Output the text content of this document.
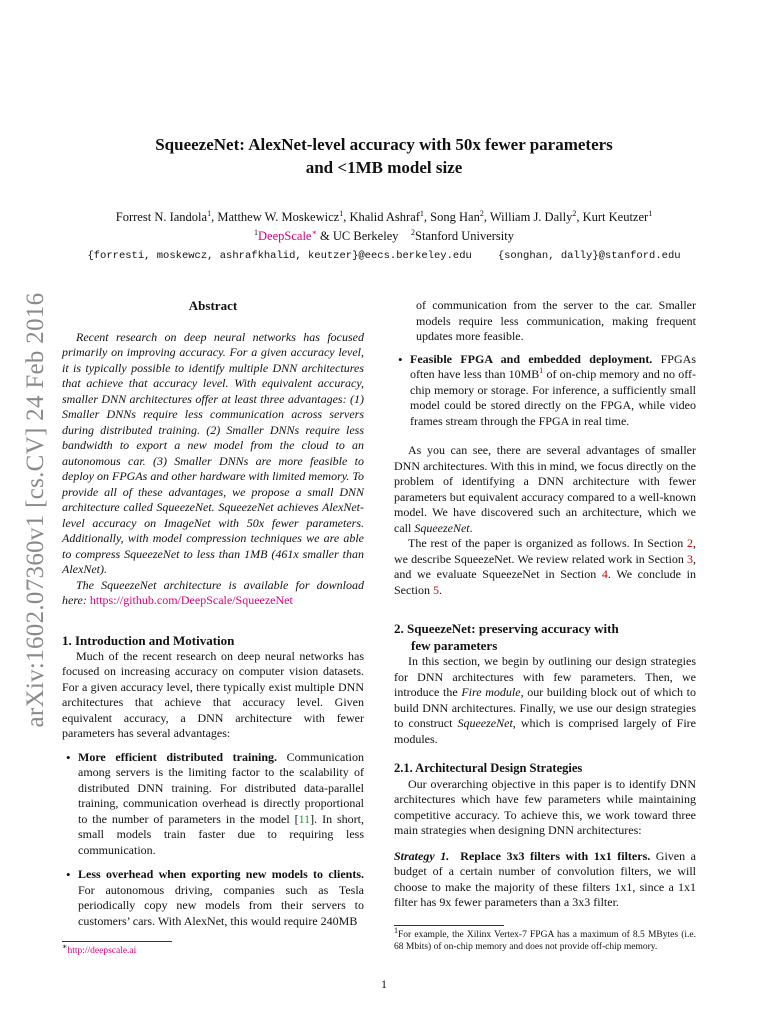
arXiv:1602.07360v1 [cs.CV] 24 Feb 2016
SqueezeNet: AlexNet-level accuracy with 50x fewer parameters
and <1MB model size
Forrest N. Iandola$^1$, Matthew W. Moskewicz$^1$, Khalid Ashraf$^1$, Song Han$^2$, William J. Dally$^2$, Kurt Keutzer$^1$
$^1$DeepScale∗ & UC Berkeley $^2$Stanford University
{forresti, moskewcz, ashrafkhalid, keutzer}@eecs.berkeley.edu {songhan, dally}@stanford.edu
Abstract

Recent research on deep neural networks has focused primarily on improving accuracy. For a given accuracy level, it is typically possible to identify multiple DNN architectures that achieve that accuracy level. With equivalent accuracy, smaller DNN architectures offer at least three advantages: (1) Smaller DNNs require less communication across servers during distributed training. (2) Smaller DNNs require less bandwidth to export a new model from the cloud to an autonomous car. (3) Smaller DNNs are more feasible to deploy on FPGAs and other hardware with limited memory. To provide all of these advantages, we propose a small DNN architecture called SqueezeNet. SqueezeNet achieves AlexNet-level accuracy on ImageNet with 50x fewer parameters. Additionally, with model compression techniques we are able to compress SqueezeNet to less than 1MB (461x smaller than AlexNet).

The SqueezeNet architecture is available for download here: https://github.com/DeepScale/SqueezeNet

1. Introduction and Motivation

Much of the recent research on deep neural networks has focused on increasing accuracy on computer vision datasets. For a given accuracy level, there typically exist multiple DNN architectures that achieve that accuracy level. Given equivalent accuracy, a DNN architecture with fewer parameters has several advantages:

• More efficient distributed training. Communication among servers is the limiting factor to the scalability of distributed DNN training. For distributed data-parallel training, communication overhead is directly proportional to the number of parameters in the model [11]. In short, small models train faster due to requiring less communication.
• Less overhead when exporting new models to clients. For autonomous driving, companies such as Tesla periodically copy new models from their servers to customers’ cars. With AlexNet, this would require 240MB
∗http://deepscale.ai
of communication from the server to the car. Smaller models require less communication, making frequent updates more feasible.
• Feasible FPGA and embedded deployment. FPGAs often have less than $10MB^1$ of on-chip memory and no off-chip memory or storage. For inference, a sufficiently small model could be stored directly on the FPGA, while video frames stream through the FPGA in real time.

As you can see, there are several advantages of smaller DNN architectures. With this in mind, we focus directly on the problem of identifying a DNN architecture with fewer parameters but equivalent accuracy compared to a well-known model. We have discovered such an architecture, which we call SqueezeNet.

The rest of the paper is organized as follows. In Section 2, we describe SqueezeNet. We review related work in Section 3, and we evaluate SqueezeNet in Section 4. We conclude in Section 5.

2. SqueezeNet: preserving accuracy with
few parameters

In this section, we begin by outlining our design strategies for DNN architectures with few parameters. Then, we introduce the Fire module, our building block out of which to build DNN architectures. Finally, we use our design strategies to construct SqueezeNet, which is comprised largely of Fire modules.

2.1. Architectural Design Strategies

Our overarching objective in this paper is to identify DNN architectures which have few parameters while maintaining competitive accuracy. To achieve this, we work toward three main strategies when designing DNN architectures:

Strategy 1. Replace 3x3 filters with 1x1 filters. Given a budget of a certain number of convolution filters, we will choose to make the majority of these filters 1x1, since a 1x1 filter has 9x fewer parameters than a 3x3 filter.

$^1$For example, the Xilinx Vertex-7 FPGA has a maximum of 8.5 MBytes (i.e. 68 Mbits) of on-chip memory and does not provide off-chip memory.
1
